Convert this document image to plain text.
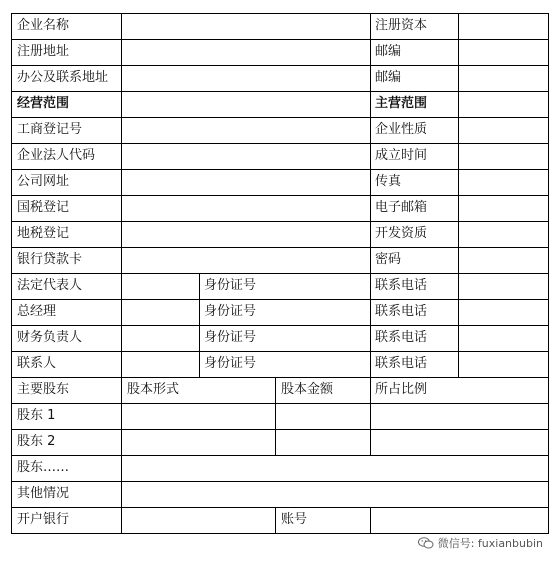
企业名称	注册资本
注册地址	邮编
办公及联系地址	邮编
经营范围	主营范围
工商登记号	企业性质
企业法人代码	成立时间
公司网址	传真
国税登记	电子邮箱
地税登记	开发资质
银行贷款卡	密码
法定代表人	身份证号	联系电话
总经理	身份证号	联系电话
财务负责人	身份证号	联系电话
联系人	身份证号	联系电话
主要股东	股本形式	股本金额	所占比例
股东 1
股东 2
股东……
其他情况
开户银行	账号
微信号: fuxianbubin
